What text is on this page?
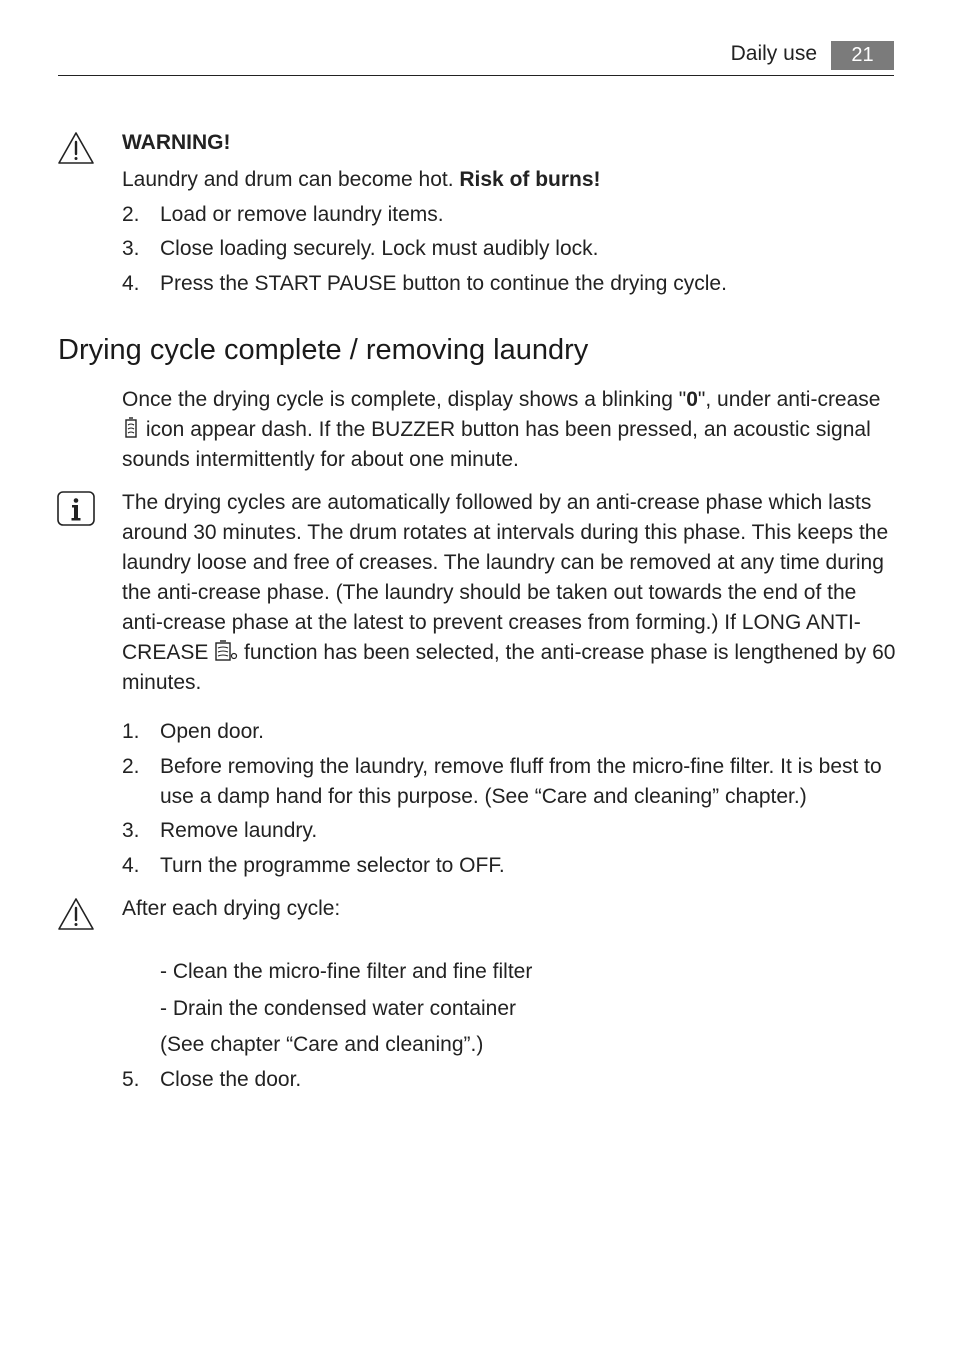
Daily use	21
WARNING!
Laundry and drum can become hot. Risk of burns!
2. Load or remove laundry items.
3. Close loading securely. Lock must audibly lock.
4. Press the START PAUSE button to continue the drying cycle.
Drying cycle complete / removing laundry
Once the drying cycle is complete, display shows a blinking "0", under anti-crease
icon appear dash. If the BUZZER button has been pressed, an acoustic signal
sounds intermittently for about one minute.
The drying cycles are automatically followed by an anti-crease phase which lasts
around 30 minutes. The drum rotates at intervals during this phase. This keeps the
laundry loose and free of creases. The laundry can be removed at any time during
the anti-crease phase. (The laundry should be taken out towards the end of the
anti-crease phase at the latest to prevent creases from forming.) If LONG ANTI-
CREASE  function has been selected, the anti-crease phase is lengthened by 60
minutes.
1. Open door.
2. Before removing the laundry, remove fluff from the micro-fine filter. It is best to use a damp hand for this purpose. (See “Care and cleaning” chapter.)
3. Remove laundry.
4. Turn the programme selector to OFF.
After each drying cycle:
- Clean the micro-fine filter and fine filter
- Drain the condensed water container
(See chapter “Care and cleaning”.)
5. Close the door.
